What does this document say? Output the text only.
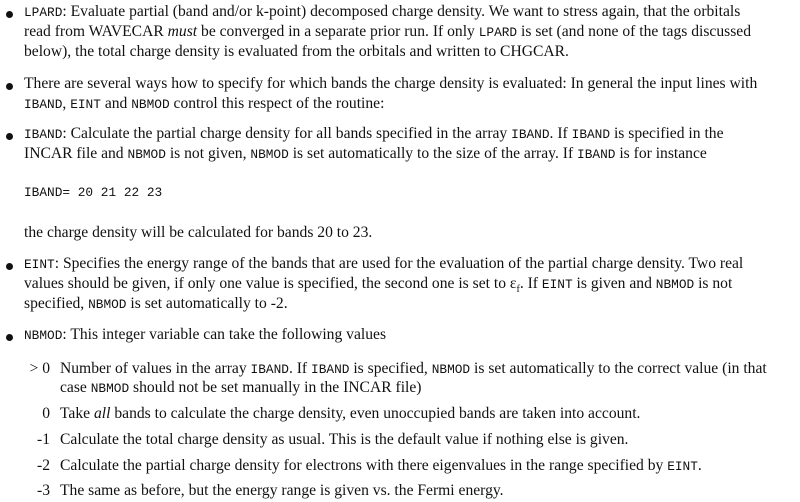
LPARD: Evaluate partial (band and/or k-point) decomposed charge density. We want to stress again, that the orbitals
read from WAVECAR must be converged in a separate prior run. If only LPARD is set (and none of the tags discussed
below), the total charge density is evaluated from the orbitals and written to CHGCAR.
There are several ways how to specify for which bands the charge density is evaluated: In general the input lines with
IBAND, EINT and NBMOD control this respect of the routine:
IBAND: Calculate the partial charge density for all bands specified in the array IBAND. If IBAND is specified in the
INCAR file and NBMOD is not given, NBMOD is set automatically to the size of the array. If IBAND is for instance
IBAND= 20 21 22 23
the charge density will be calculated for bands 20 to 23.
EINT: Specifies the energy range of the bands that are used for the evaluation of the partial charge density. Two real
values should be given, if only one value is specified, the second one is set to $\varepsilon_f$. If EINT is given and NBMOD is not
specified, NBMOD is set automatically to -2.
NBMOD: This integer variable can take the following values
> 0 Number of values in the array IBAND. If IBAND is specified, NBMOD is set automatically to the correct value (in that
case NBMOD should not be set manually in the INCAR file)
0 Take all bands to calculate the charge density, even unoccupied bands are taken into account.
-1 Calculate the total charge density as usual. This is the default value if nothing else is given.
-2 Calculate the partial charge density for electrons with there eigenvalues in the range specified by EINT.
-3 The same as before, but the energy range is given vs. the Fermi energy.
